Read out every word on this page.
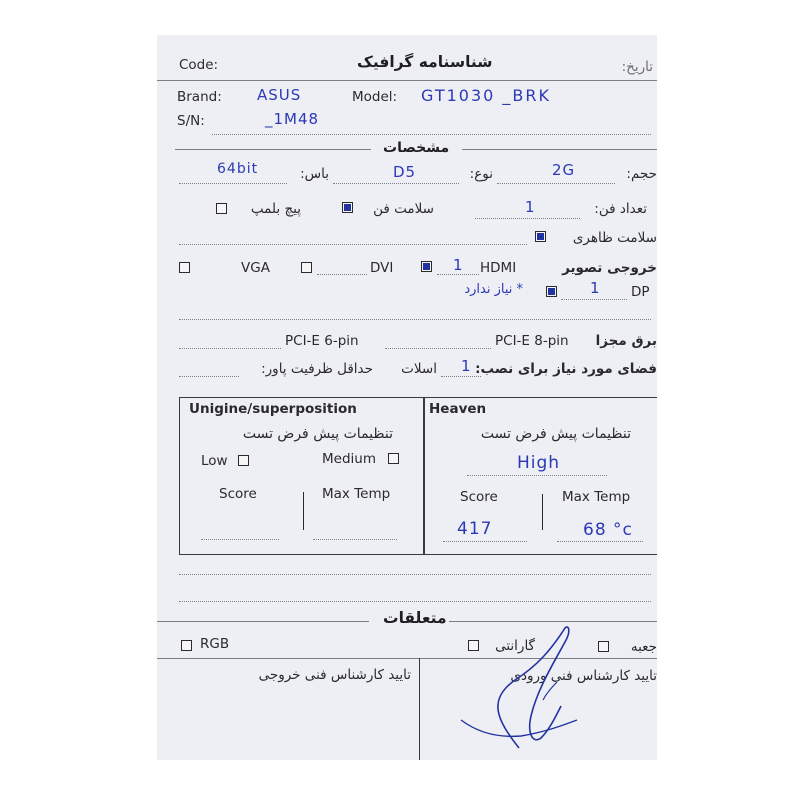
Code:	شناسنامه گرافیک	تاریخ:
Brand: ASUS	Model: GT1030 _BRK
S/N:	_1M48
مشخصات
64bit	باس:	D5	نوع:	2G	حجم:
پیچ بلمپ	سلامت فن	1	تعداد فن:
سلامت ظاهری
VGA	DVI	1 HDMI	خروجی تصویر
* نیاز ندارد	1 DP
PCI-E 6-pin	PCI-E 8-pin	برق مجزا
حداقل ظرفیت پاور:	اسلات 1 فضای مورد نیاز برای نصب:
Unigine/superposition
تنظیمات پیش فرض تست
Low	Medium
Score	Max Temp
Heaven
تنظیمات پیش فرض تست
High
Score	Max Temp
417	68 °c
متعلقات
RGB	گارانتی	جعبه
تایید کارشناس فنی خروجی	تایید کارشناس فنی ورودی
